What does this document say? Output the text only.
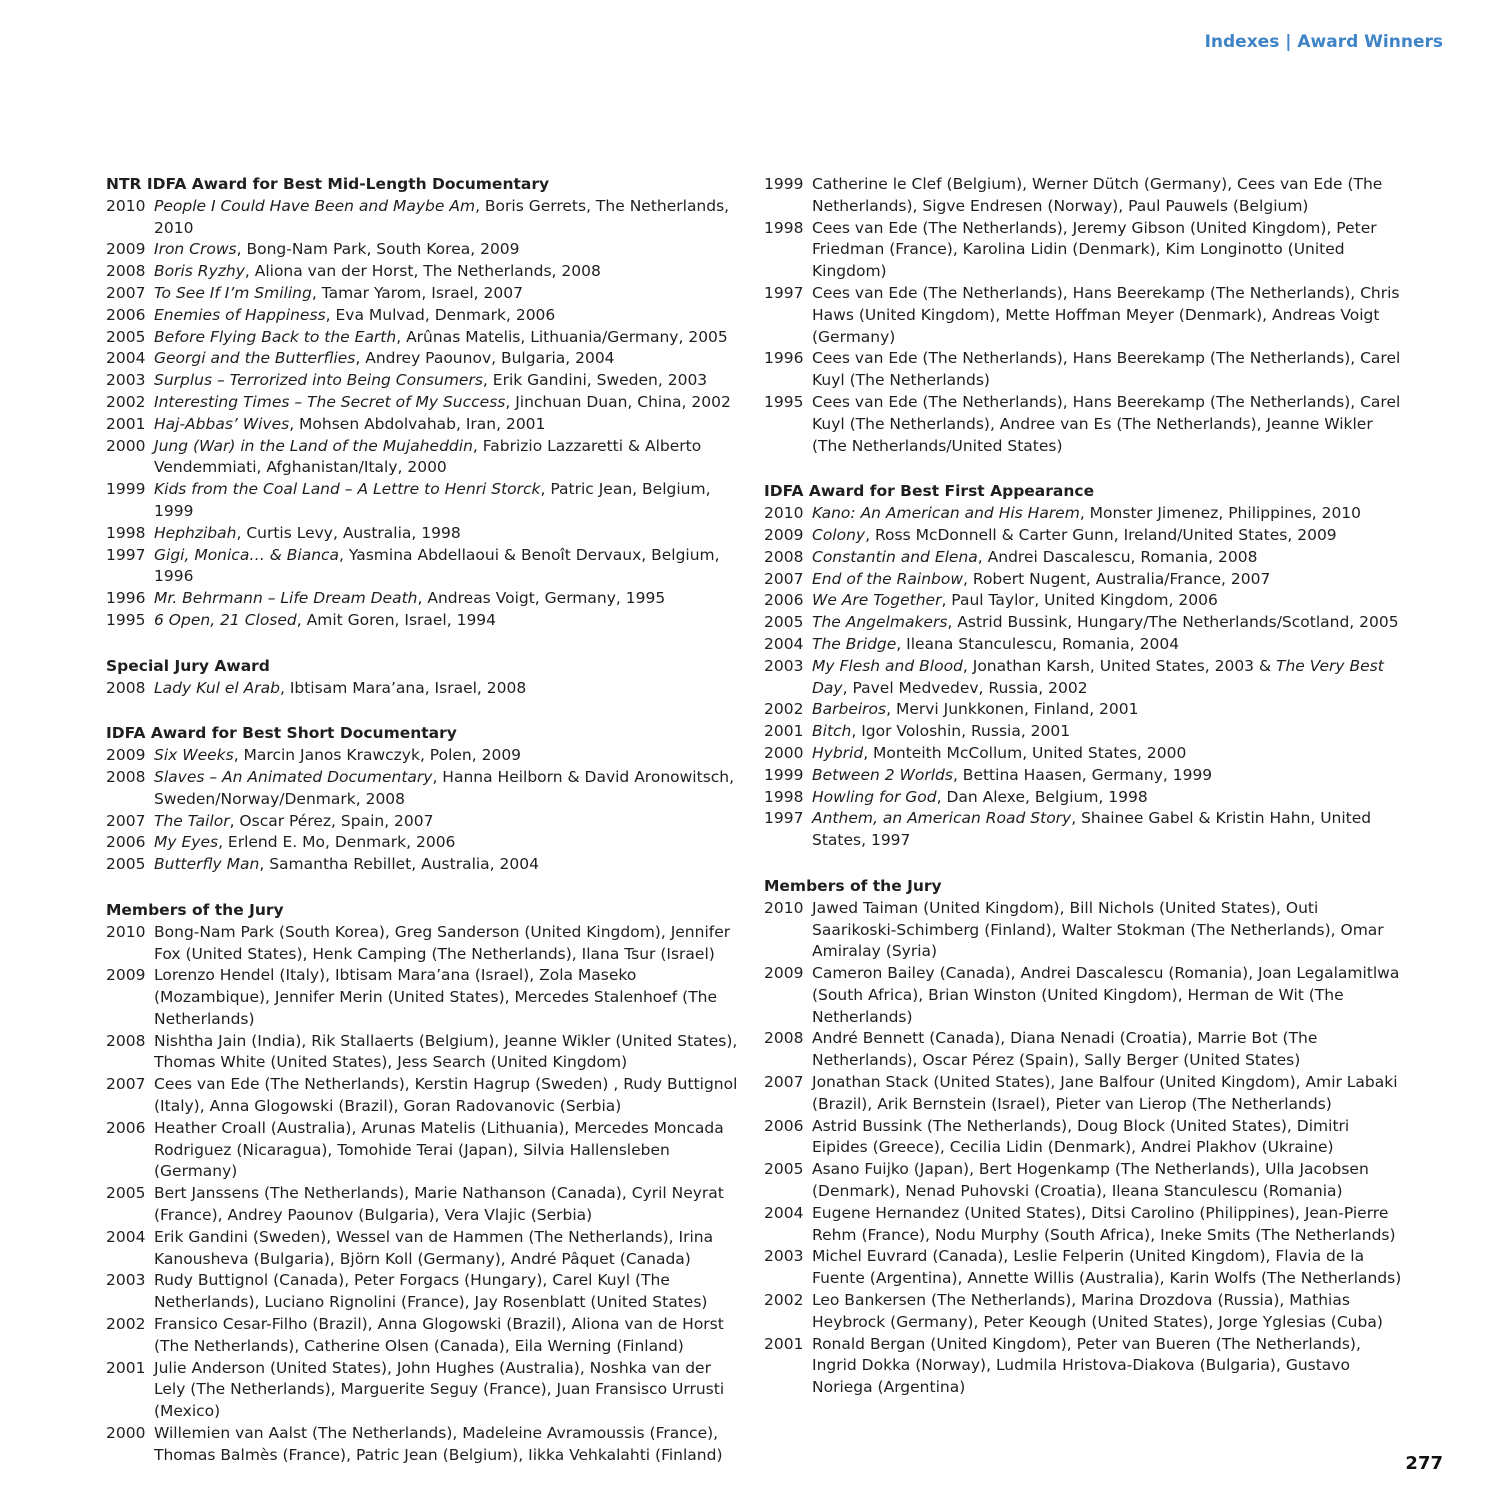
Indexes | Award Winners
NTR IDFA Award for Best Mid-Length Documentary
2010 People I Could Have Been and Maybe Am, Boris Gerrets, The Netherlands, 2010
2009 Iron Crows, Bong-Nam Park, South Korea, 2009
2008 Boris Ryzhy, Aliona van der Horst, The Netherlands, 2008
2007 To See If I’m Smiling, Tamar Yarom, Israel, 2007
2006 Enemies of Happiness, Eva Mulvad, Denmark, 2006
2005 Before Flying Back to the Earth, Arûnas Matelis, Lithuania/Germany, 2005
2004 Georgi and the Butterflies, Andrey Paounov, Bulgaria, 2004
2003 Surplus – Terrorized into Being Consumers, Erik Gandini, Sweden, 2003
2002 Interesting Times – The Secret of My Success, Jinchuan Duan, China, 2002
2001 Haj-Abbas’ Wives, Mohsen Abdolvahab, Iran, 2001
2000 Jung (War) in the Land of the Mujaheddin, Fabrizio Lazzaretti & Alberto Vendemmiati, Afghanistan/Italy, 2000
1999 Kids from the Coal Land – A Lettre to Henri Storck, Patric Jean, Belgium, 1999
1998 Hephzibah, Curtis Levy, Australia, 1998
1997 Gigi, Monica… & Bianca, Yasmina Abdellaoui & Benoît Dervaux, Belgium, 1996
1996 Mr. Behrmann – Life Dream Death, Andreas Voigt, Germany, 1995
1995 6 Open, 21 Closed, Amit Goren, Israel, 1994
Special Jury Award
2008 Lady Kul el Arab, Ibtisam Mara’ana, Israel, 2008
IDFA Award for Best Short Documentary
2009 Six Weeks, Marcin Janos Krawczyk, Polen, 2009
2008 Slaves – An Animated Documentary, Hanna Heilborn & David Aronowitsch, Sweden/Norway/Denmark, 2008
2007 The Tailor, Oscar Pérez, Spain, 2007
2006 My Eyes, Erlend E. Mo, Denmark, 2006
2005 Butterfly Man, Samantha Rebillet, Australia, 2004
Members of the Jury
2010 Bong-Nam Park (South Korea), Greg Sanderson (United Kingdom), Jennifer Fox (United States), Henk Camping (The Netherlands), Ilana Tsur (Israel)
2009 Lorenzo Hendel (Italy), Ibtisam Mara’ana (Israel), Zola Maseko (Mozambique), Jennifer Merin (United States), Mercedes Stalenhoef (The Netherlands)
2008 Nishtha Jain (India), Rik Stallaerts (Belgium), Jeanne Wikler (United States), Thomas White (United States), Jess Search (United Kingdom)
2007 Cees van Ede (The Netherlands), Kerstin Hagrup (Sweden) , Rudy Buttignol (Italy), Anna Glogowski (Brazil), Goran Radovanovic (Serbia)
2006 Heather Croall (Australia), Arunas Matelis (Lithuania), Mercedes Moncada Rodriguez (Nicaragua), Tomohide Terai (Japan), Silvia Hallensleben (Germany)
2005 Bert Janssens (The Netherlands), Marie Nathanson (Canada), Cyril Neyrat (France), Andrey Paounov (Bulgaria), Vera Vlajic (Serbia)
2004 Erik Gandini (Sweden), Wessel van de Hammen (The Netherlands), Irina Kanousheva (Bulgaria), Björn Koll (Germany), André Pâquet (Canada)
2003 Rudy Buttignol (Canada), Peter Forgacs (Hungary), Carel Kuyl (The Netherlands), Luciano Rignolini (France), Jay Rosenblatt (United States)
2002 Fransico Cesar-Filho (Brazil), Anna Glogowski (Brazil), Aliona van de Horst (The Netherlands), Catherine Olsen (Canada), Eila Werning (Finland)
2001 Julie Anderson (United States), John Hughes (Australia), Noshka van der Lely (The Netherlands), Marguerite Seguy (France), Juan Fransisco Urrusti (Mexico)
2000 Willemien van Aalst (The Netherlands), Madeleine Avramoussis (France), Thomas Balmès (France), Patric Jean (Belgium), Iikka Vehkalahti (Finland)
1999 Catherine le Clef (Belgium), Werner Dütch (Germany), Cees van Ede (The Netherlands), Sigve Endresen (Norway), Paul Pauwels (Belgium)
1998 Cees van Ede (The Netherlands), Jeremy Gibson (United Kingdom), Peter Friedman (France), Karolina Lidin (Denmark), Kim Longinotto (United Kingdom)
1997 Cees van Ede (The Netherlands), Hans Beerekamp (The Netherlands), Chris Haws (United Kingdom), Mette Hoffman Meyer (Denmark), Andreas Voigt (Germany)
1996 Cees van Ede (The Netherlands), Hans Beerekamp (The Netherlands), Carel Kuyl (The Netherlands)
1995 Cees van Ede (The Netherlands), Hans Beerekamp (The Netherlands), Carel Kuyl (The Netherlands), Andree van Es (The Netherlands), Jeanne Wikler (The Netherlands/United States)
IDFA Award for Best First Appearance
2010 Kano: An American and His Harem, Monster Jimenez, Philippines, 2010
2009 Colony, Ross McDonnell & Carter Gunn, Ireland/United States, 2009
2008 Constantin and Elena, Andrei Dascalescu, Romania, 2008
2007 End of the Rainbow, Robert Nugent, Australia/France, 2007
2006 We Are Together, Paul Taylor, United Kingdom, 2006
2005 The Angelmakers, Astrid Bussink, Hungary/The Netherlands/Scotland, 2005
2004 The Bridge, Ileana Stanculescu, Romania, 2004
2003 My Flesh and Blood, Jonathan Karsh, United States, 2003 & The Very Best Day, Pavel Medvedev, Russia, 2002
2002 Barbeiros, Mervi Junkkonen, Finland, 2001
2001 Bitch, Igor Voloshin, Russia, 2001
2000 Hybrid, Monteith McCollum, United States, 2000
1999 Between 2 Worlds, Bettina Haasen, Germany, 1999
1998 Howling for God, Dan Alexe, Belgium, 1998
1997 Anthem, an American Road Story, Shainee Gabel & Kristin Hahn, United States, 1997
Members of the Jury
2010 Jawed Taiman (United Kingdom), Bill Nichols (United States), Outi Saarikoski-Schimberg (Finland), Walter Stokman (The Netherlands), Omar Amiralay (Syria)
2009 Cameron Bailey (Canada), Andrei Dascalescu (Romania), Joan Legalamitlwa (South Africa), Brian Winston (United Kingdom), Herman de Wit (The Netherlands)
2008 André Bennett (Canada), Diana Nenadi (Croatia), Marrie Bot (The Netherlands), Oscar Pérez (Spain), Sally Berger (United States)
2007 Jonathan Stack (United States), Jane Balfour (United Kingdom), Amir Labaki (Brazil), Arik Bernstein (Israel), Pieter van Lierop (The Netherlands)
2006 Astrid Bussink (The Netherlands), Doug Block (United States), Dimitri Eipides (Greece), Cecilia Lidin (Denmark), Andrei Plakhov (Ukraine)
2005 Asano Fuijko (Japan), Bert Hogenkamp (The Netherlands), Ulla Jacobsen (Denmark), Nenad Puhovski (Croatia), Ileana Stanculescu (Romania)
2004 Eugene Hernandez (United States), Ditsi Carolino (Philippines), Jean-Pierre Rehm (France), Nodu Murphy (South Africa), Ineke Smits (The Netherlands)
2003 Michel Euvrard (Canada), Leslie Felperin (United Kingdom), Flavia de la Fuente (Argentina), Annette Willis (Australia), Karin Wolfs (The Netherlands)
2002 Leo Bankersen (The Netherlands), Marina Drozdova (Russia), Mathias Heybrock (Germany), Peter Keough (United States), Jorge Yglesias (Cuba)
2001 Ronald Bergan (United Kingdom), Peter van Bueren (The Netherlands), Ingrid Dokka (Norway), Ludmila Hristova-Diakova (Bulgaria), Gustavo Noriega (Argentina)
277
